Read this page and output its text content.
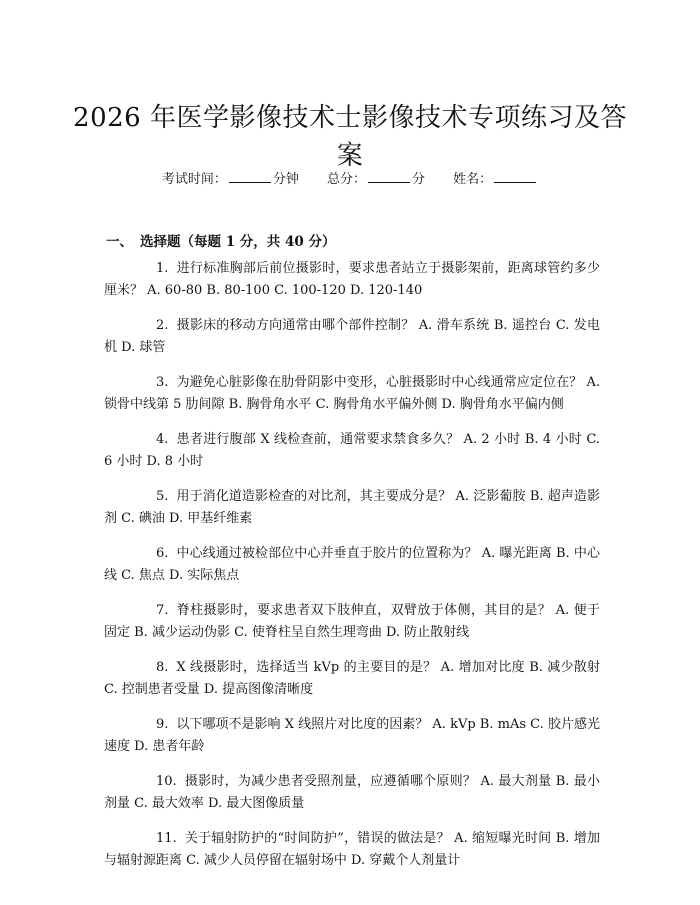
2026 年医学影像技术士影像技术专项练习及答案
考试时间：	分钟 总分：	分 姓名：
一、 选择题（每题 1 分，共 40 分）

1. 进行标准胸部后前位摄影时，要求患者站立于摄影架前，距离球管约多少厘米？ A. 60-80 B. 80-100 C. 100-120 D. 120-140

2. 摄影床的移动方向通常由哪个部件控制？ A. 滑车系统 B. 遥控台 C. 发电机 D. 球管

3. 为避免心脏影像在肋骨阴影中变形，心脏摄影时中心线通常应定位在？ A. 锁骨中线第 5 肋间隙 B. 胸骨角水平 C. 胸骨角水平偏外侧 D. 胸骨角水平偏内侧

4. 患者进行腹部 X 线检查前，通常要求禁食多久？ A. 2 小时 B. 4 小时 C. 6 小时 D. 8 小时

5. 用于消化道造影检查的对比剂，其主要成分是？ A. 泛影葡胺 B. 超声造影剂 C. 碘油 D. 甲基纤维素

6. 中心线通过被检部位中心并垂直于胶片的位置称为？ A. 曝光距离 B. 中心线 C. 焦点 D. 实际焦点

7. 脊柱摄影时，要求患者双下肢伸直，双臂放于体侧，其目的是？ A. 便于固定 B. 减少运动伪影 C. 使脊柱呈自然生理弯曲 D. 防止散射线

8. X 线摄影时，选择适当 kVp 的主要目的是？ A. 增加对比度 B. 减少散射 C. 控制患者受量 D. 提高图像清晰度

9. 以下哪项不是影响 X 线照片对比度的因素？ A. kVp B. mAs C. 胶片感光速度 D. 患者年龄

10. 摄影时，为减少患者受照剂量，应遵循哪个原则？ A. 最大剂量 B. 最小剂量 C. 最大效率 D. 最大图像质量

11. 关于辐射防护的“时间防护”，错误的做法是？ A. 缩短曝光时间 B. 增加与辐射源距离 C. 减少人员停留在辐射场中 D. 穿戴个人剂量计
